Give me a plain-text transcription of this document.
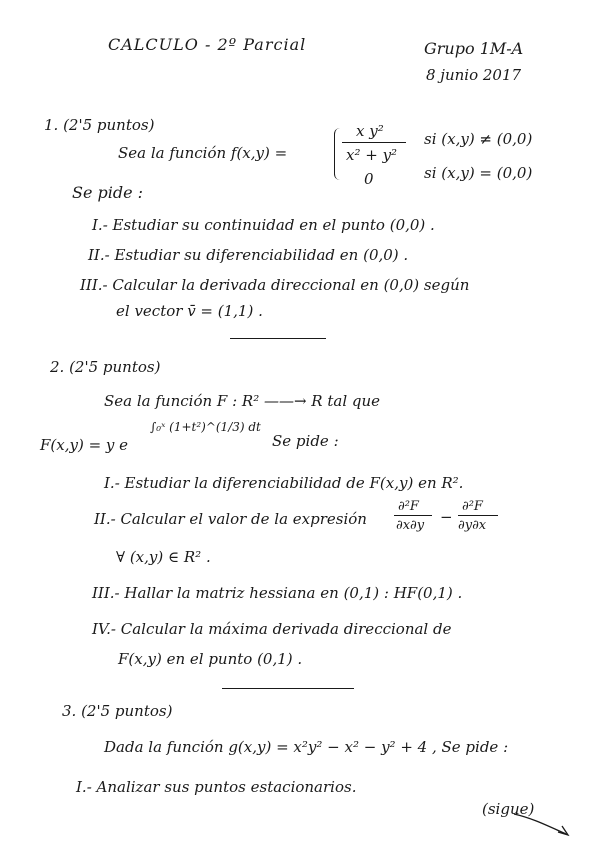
CALCULO - 2º Parcial	Grupo 1M-A
8 junio 2017
1. (2'5 puntos)
Sea la función f(x,y) =
x y²
x² + y²
si (x,y) ≠ (0,0)
0	si (x,y) = (0,0)
Se pide :
I.- Estudiar su continuidad en el punto (0,0) .
II.- Estudiar su diferenciabilidad en (0,0) .
III.- Calcular la derivada direccional en (0,0) según
el vector v̄ = (1,1) .
2. (2'5 puntos)
Sea la función F : R² ——→ R tal que
F(x,y) = y e
∫₀ˣ (1+t²)^(1/3) dt
Se pide :
I.- Estudiar la diferenciabilidad de F(x,y) en R².
II.- Calcular el valor de la expresión
∂²F
∂x∂y −
∂²F
∂y∂x
∀ (x,y) ∈ R² .
III.- Hallar la matriz hessiana en (0,1) : HF(0,1) .
IV.- Calcular la máxima derivada direccional de
F(x,y) en el punto (0,1) .
3. (2'5 puntos)
Dada la función g(x,y) = x²y² − x² − y² + 4 , Se pide :
I.- Analizar sus puntos estacionarios.
(sigue)
